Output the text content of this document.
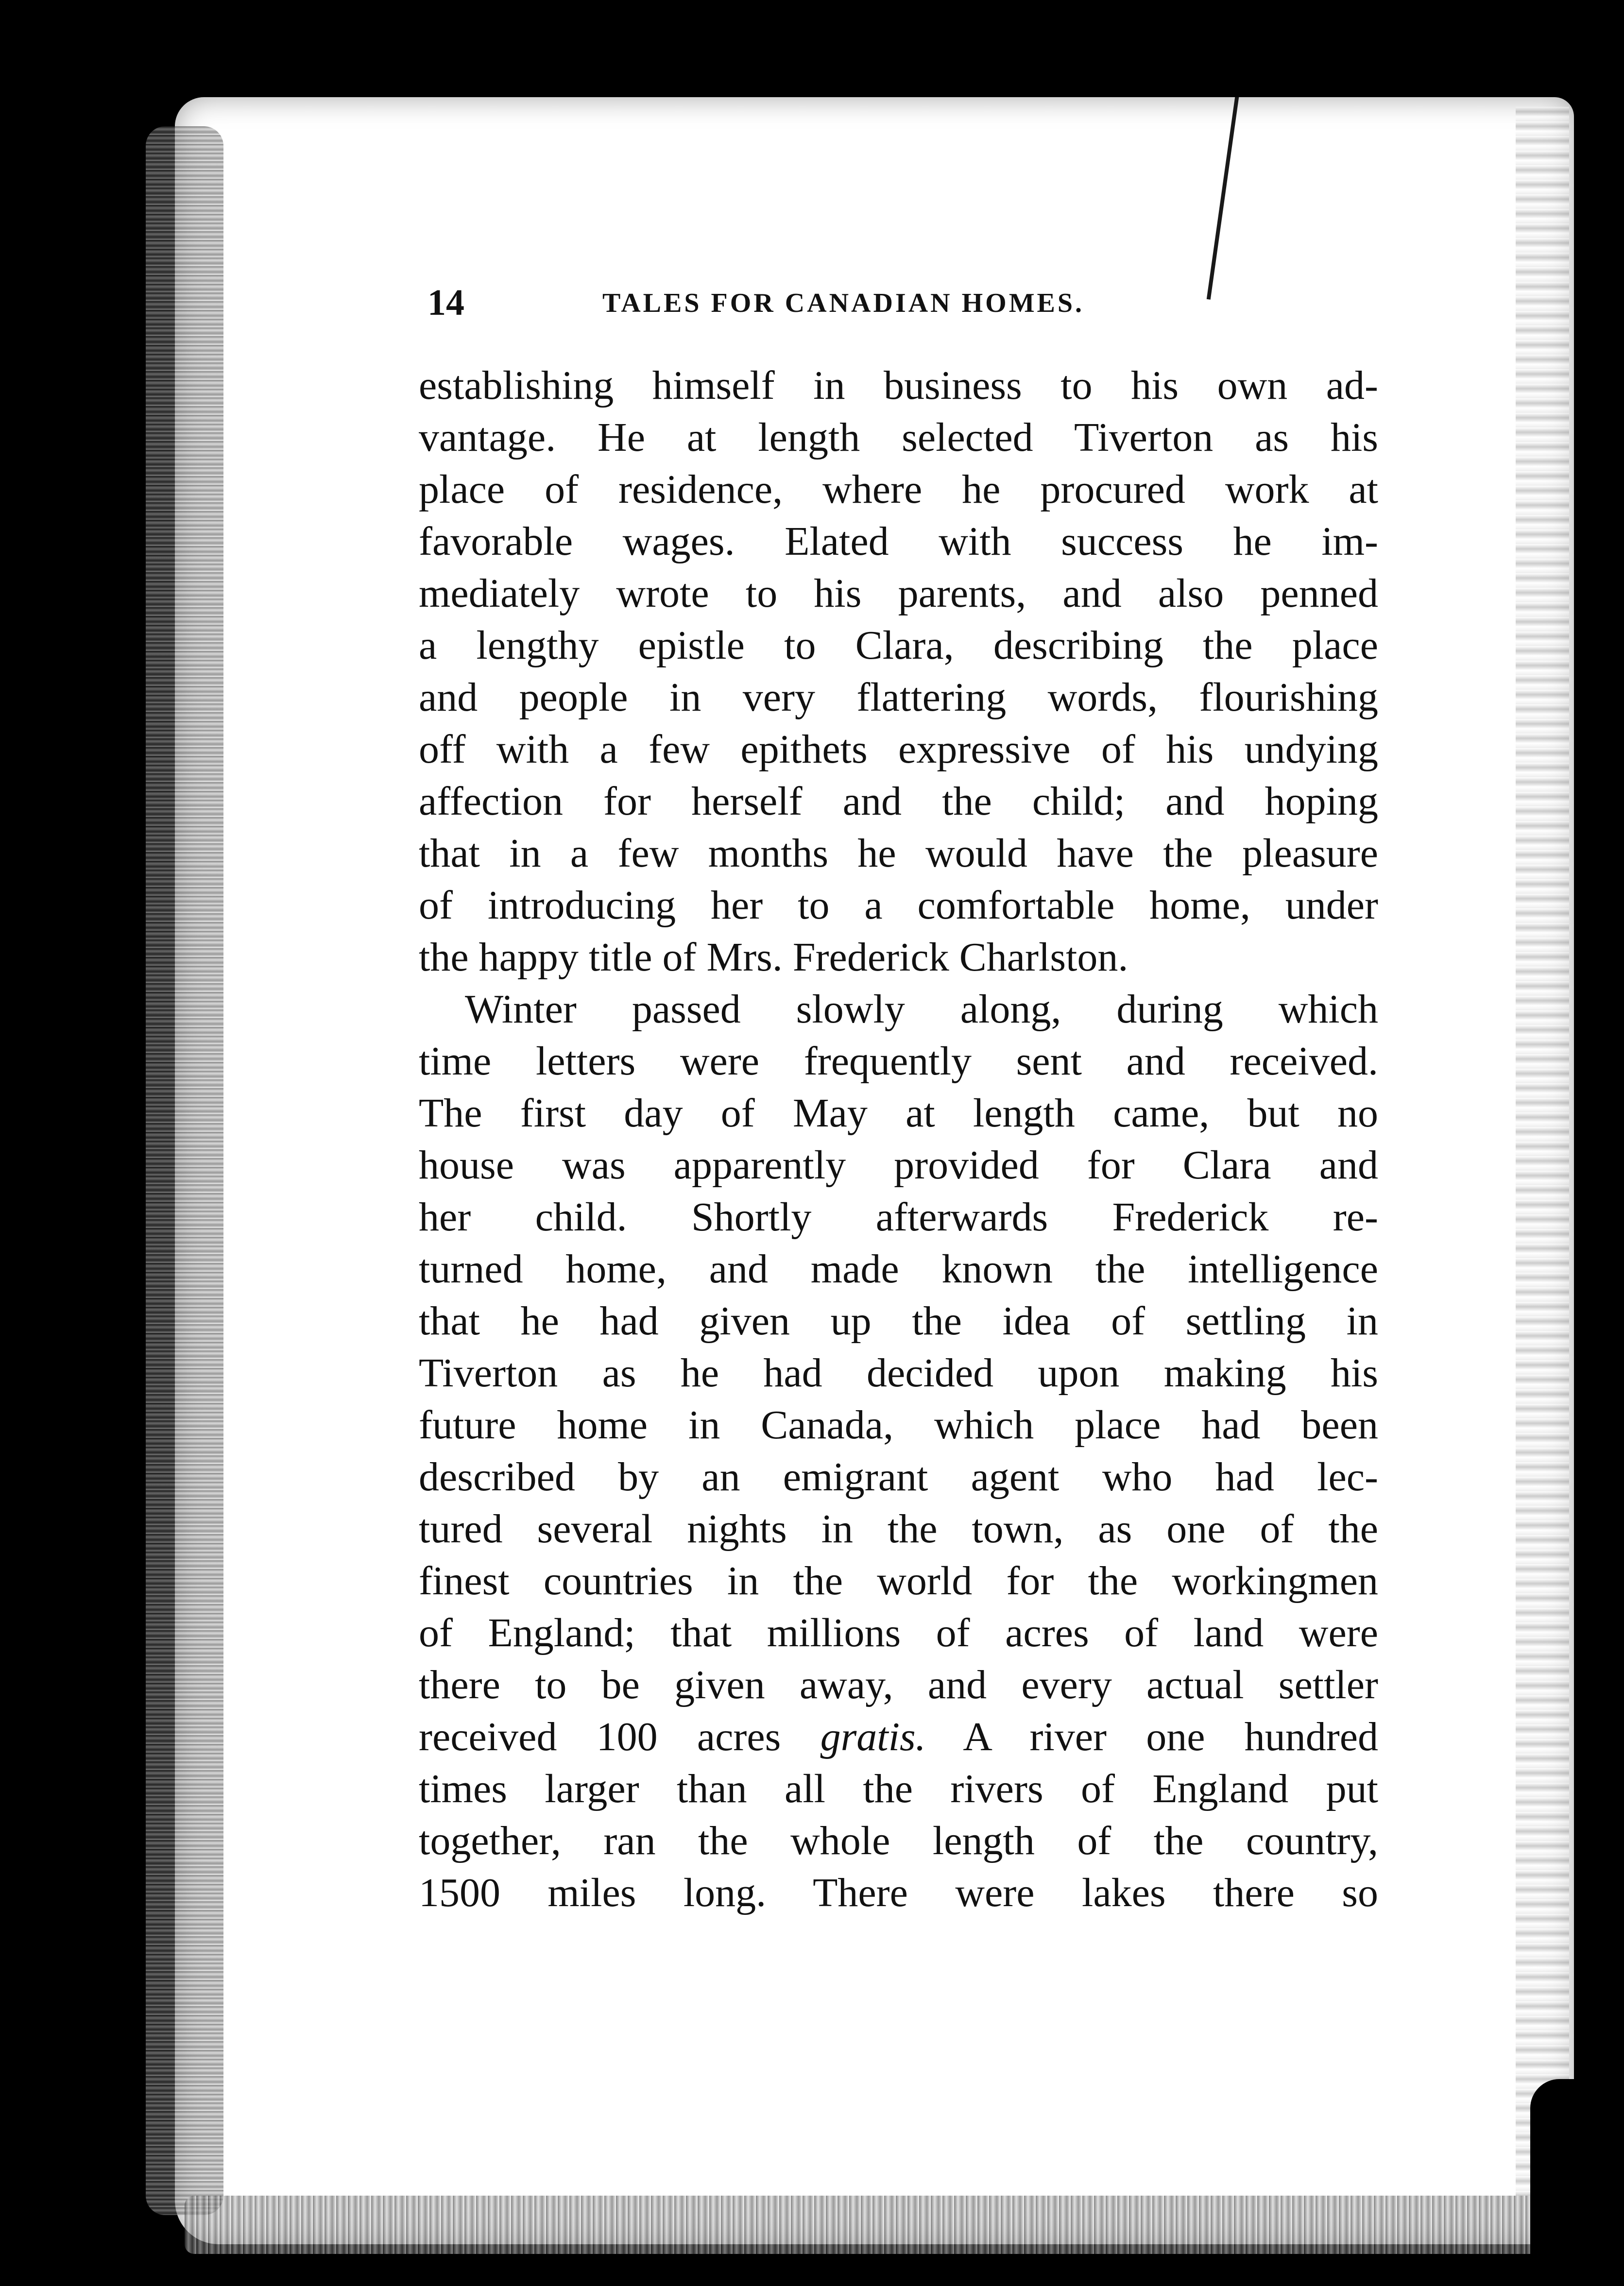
14	TALES FOR CANADIAN HOMES.
establishing himself in business to his own ad-
vantage. He at length selected Tiverton as his
place of residence, where he procured work at
favorable wages. Elated with success he im-
mediately wrote to his parents, and also penned
a lengthy epistle to Clara, describing the place
and people in very flattering words, flourishing
off with a few epithets expressive of his undying
affection for herself and the child; and hoping
that in a few months he would have the pleasure
of introducing her to a comfortable home, under
the happy title of Mrs. Frederick Charlston.
Winter passed slowly along, during which
time letters were frequently sent and received.
The first day of May at length came, but no
house was apparently provided for Clara and
her child. Shortly afterwards Frederick re-
turned home, and made known the intelligence
that he had given up the idea of settling in
Tiverton as he had decided upon making his
future home in Canada, which place had been
described by an emigrant agent who had lec-
tured several nights in the town, as one of the
finest countries in the world for the workingmen
of England; that millions of acres of land were
there to be given away, and every actual settler
received 100 acres gratis. A river one hundred
times larger than all the rivers of England put
together, ran the whole length of the country,
1500 miles long. There were lakes there so
